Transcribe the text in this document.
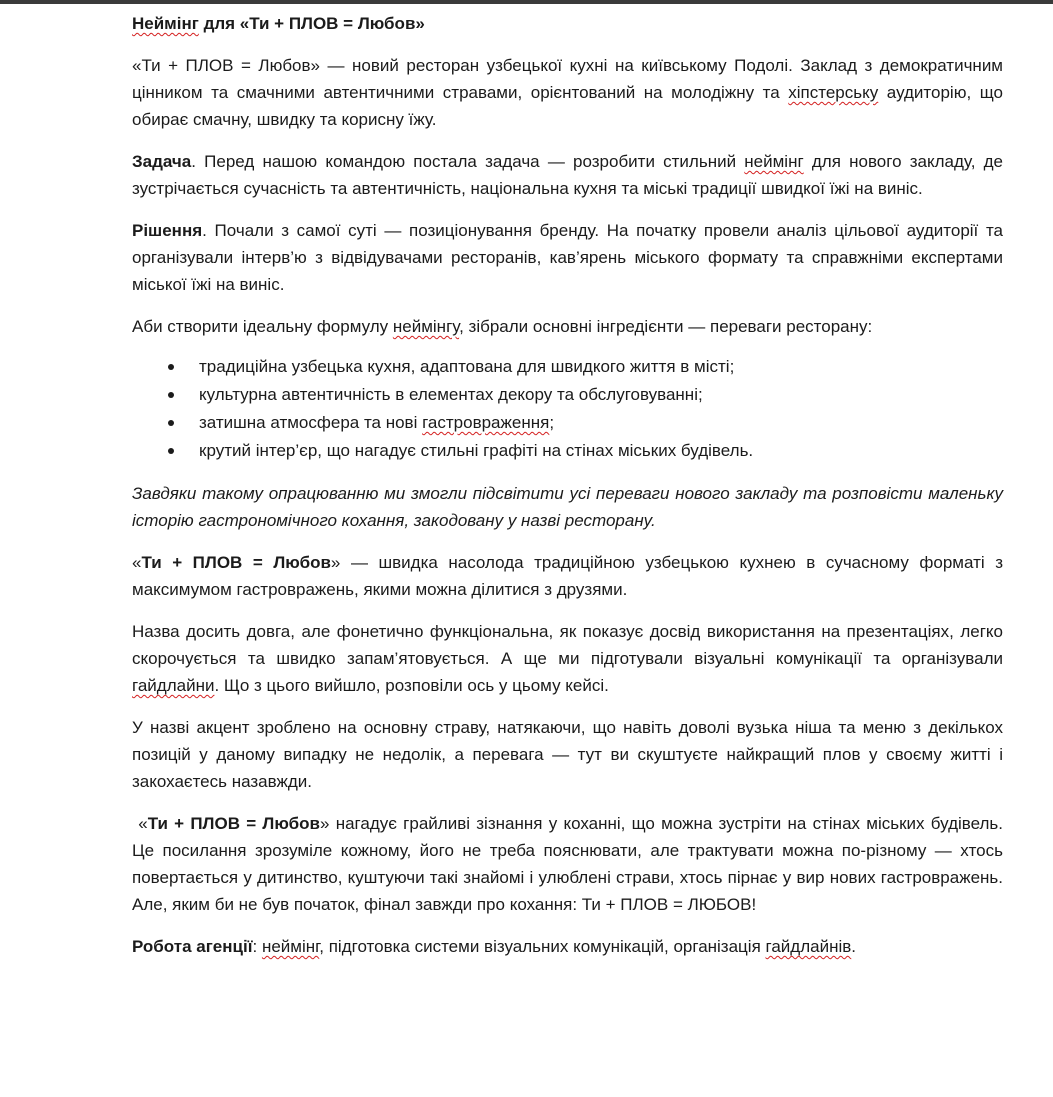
Неймінг для «Ти + ПЛОВ = Любов»

«Ти + ПЛОВ = Любов» — новий ресторан узбецької кухні на київському Подолі. Заклад з демократичним цінником та смачними автентичними стравами, орієнтований на молодіжну та хіпстерську аудиторію, що обирає смачну, швидку та корисну їжу.

Задача. Перед нашою командою постала задача — розробити стильний неймінг для нового закладу, де зустрічається сучасність та автентичність, національна кухня та міські традиції швидкої їжі на виніс.

Рішення. Почали з самої суті — позиціонування бренду. На початку провели аналіз цільової аудиторії та організували інтерв’ю з відвідувачами ресторанів, кав’ярень міського формату та справжніми експертами міської їжі на виніс.

Аби створити ідеальну формулу неймінгу, зібрали основні інгредієнти — переваги ресторану:

традиційна узбецька кухня, адаптована для швидкого життя в місті;
культурна автентичність в елементах декору та обслуговуванні;
затишна атмосфера та нові гастровраження;
крутий інтер’єр, що нагадує стильні графіті на стінах міських будівель.

Завдяки такому опрацюванню ми змогли підсвітити усі переваги нового закладу та розповісти маленьку історію гастрономічного кохання, закодовану у назві ресторану.

«Ти + ПЛОВ = Любов» — швидка насолода традиційною узбецькою кухнею в сучасному форматі з максимумом гастровражень, якими можна ділитися з друзями.

Назва досить довга, але фонетично функціональна, як показує досвід використання на презентаціях, легко скорочується та швидко запам’ятовується. А ще ми підготували візуальні комунікації та організували гайдлайни. Що з цього вийшло, розповіли ось у цьому кейсі.

У назві акцент зроблено на основну страву, натякаючи, що навіть доволі вузька ніша та меню з декількох позицій у даному випадку не недолік, а перевага — тут ви скуштуєте найкращий плов у своєму житті і закохаєтесь назавжди.

«Ти + ПЛОВ = Любов» нагадує грайливі зізнання у коханні, що можна зустріти на стінах міських будівель. Це посилання зрозуміле кожному, його не треба пояснювати, але трактувати можна по-різному — хтось повертається у дитинство, куштуючи такі знайомі і улюблені страви, хтось пірнає у вир нових гастровражень. Але, яким би не був початок, фінал завжди про кохання: Ти + ПЛОВ = ЛЮБОВ!

Робота агенції: неймінг, підготовка системи візуальних комунікацій, організація гайдлайнів.
